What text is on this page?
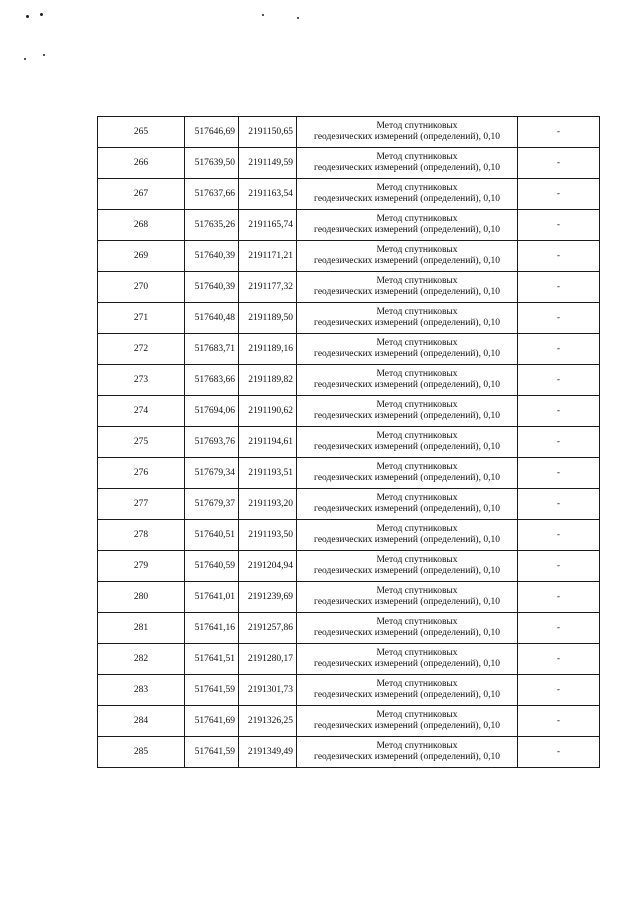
265	517646,69	2191150,65	Метод спутниковых
геодезических измерений (определений), 0,10	-
266	517639,50	2191149,59	Метод спутниковых
геодезических измерений (определений), 0,10	-
267	517637,66	2191163,54	Метод спутниковых
геодезических измерений (определений), 0,10	-
268	517635,26	2191165,74	Метод спутниковых
геодезических измерений (определений), 0,10	-
269	517640,39	2191171,21	Метод спутниковых
геодезических измерений (определений), 0,10	-
270	517640,39	2191177,32	Метод спутниковых
геодезических измерений (определений), 0,10	-
271	517640,48	2191189,50	Метод спутниковых
геодезических измерений (определений), 0,10	-
272	517683,71	2191189,16	Метод спутниковых
геодезических измерений (определений), 0,10	-
273	517683,66	2191189,82	Метод спутниковых
геодезических измерений (определений), 0,10	-
274	517694,06	2191190,62	Метод спутниковых
геодезических измерений (определений), 0,10	-
275	517693,76	2191194,61	Метод спутниковых
геодезических измерений (определений), 0,10	-
276	517679,34	2191193,51	Метод спутниковых
геодезических измерений (определений), 0,10	-
277	517679,37	2191193,20	Метод спутниковых
геодезических измерений (определений), 0,10	-
278	517640,51	2191193,50	Метод спутниковых
геодезических измерений (определений), 0,10	-
279	517640,59	2191204,94	Метод спутниковых
геодезических измерений (определений), 0,10	-
280	517641,01	2191239,69	Метод спутниковых
геодезических измерений (определений), 0,10	-
281	517641,16	2191257,86	Метод спутниковых
геодезических измерений (определений), 0,10	-
282	517641,51	2191280,17	Метод спутниковых
геодезических измерений (определений), 0,10	-
283	517641,59	2191301,73	Метод спутниковых
геодезических измерений (определений), 0,10	-
284	517641,69	2191326,25	Метод спутниковых
геодезических измерений (определений), 0,10	-
285	517641,59	2191349,49	Метод спутниковых
геодезических измерений (определений), 0,10	-
